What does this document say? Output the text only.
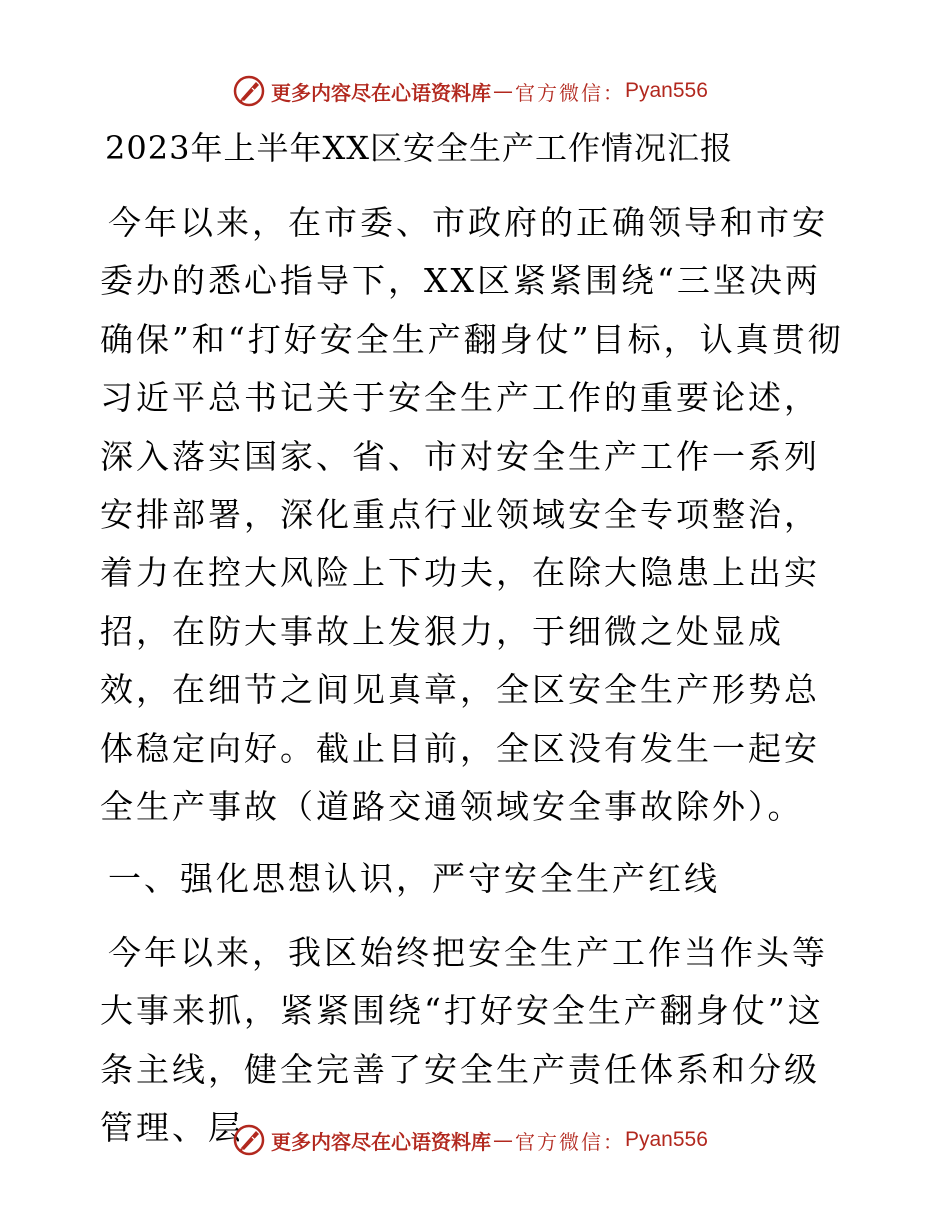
更多内容尽在心语资料库 — 官方微信： Pyan556
2023年上半年XX区安全生产工作情况汇报

今年以来，在市委、市政府的正确领导和市安委办的悉心指导下，XX区紧紧围绕“三坚决两确保”和“打好安全生产翻身仗”目标，认真贯彻习近平总书记关于安全生产工作的重要论述，深入落实国家、省、市对安全生产工作一系列安排部署，深化重点行业领域安全专项整治，着力在控大风险上下功夫，在除大隐患上出实招，在防大事故上发狠力，于细微之处显成效，在细节之间见真章，全区安全生产形势总体稳定向好。截止目前，全区没有发生一起安全生产事故（道路交通领域安全事故除外）。

一、强化思想认识，严守安全生产红线

今年以来，我区始终把安全生产工作当作头等大事来抓，紧紧围绕“打好安全生产翻身仗”这条主线，健全完善了安全生产责任体系和分级管理、层	更多内容尽在心语资料库 — 官方微信： Pyan556
